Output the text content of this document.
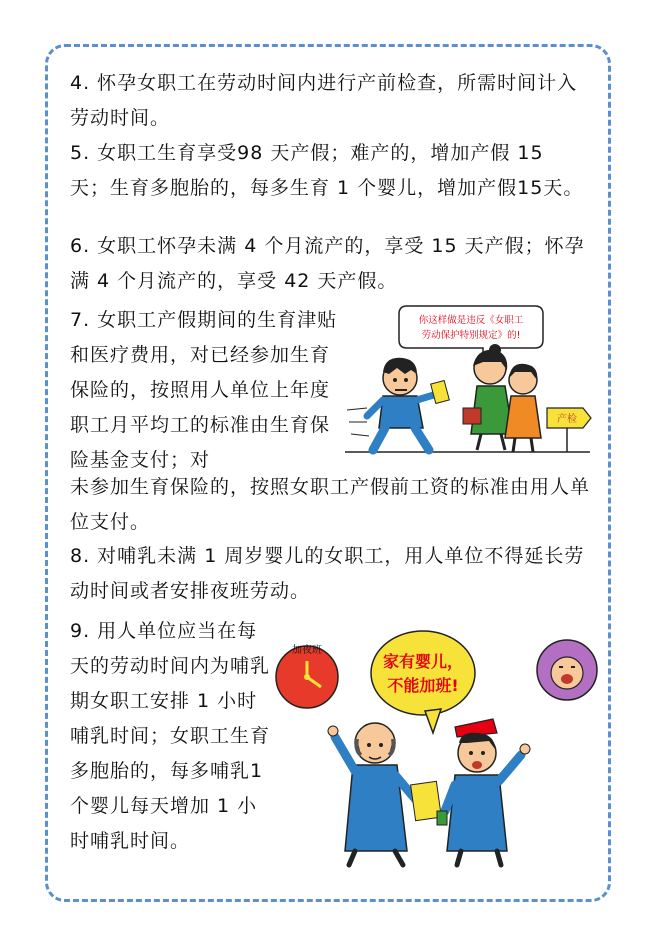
4. 怀孕女职工在劳动时间内进行产前检查，所需时间计入劳动时间。

5. 女职工生育享受98 天产假；难产的，增加产假 15 天；生育多胞胎的，每多生育 1 个婴儿，增加产假15天。

6. 女职工怀孕未满 4 个月流产的，享受 15 天产假；怀孕满 4 个月流产的，享受 42 天产假。

7. 女职工产假期间的生育津贴和医疗费用，对已经参加生育保险的，按照用人单位上年度职工月平均工的标准由生育保险基金支付；对

未参加生育保险的，按照女职工产假前工资的标准由用人单位支付。

8. 对哺乳未满 1 周岁婴儿的女职工，用人单位不得延长劳动时间或者安排夜班劳动。

9. 用人单位应当在每天的劳动时间内为哺乳期女职工安排 1 小时哺乳时间；女职工生育多胞胎的，每多哺乳1个婴儿每天增加 1 小时哺乳时间。

你这样做是违反《女职工
劳动保护特别规定》的!
产检
加夜班
家有婴儿，
不能加班!
